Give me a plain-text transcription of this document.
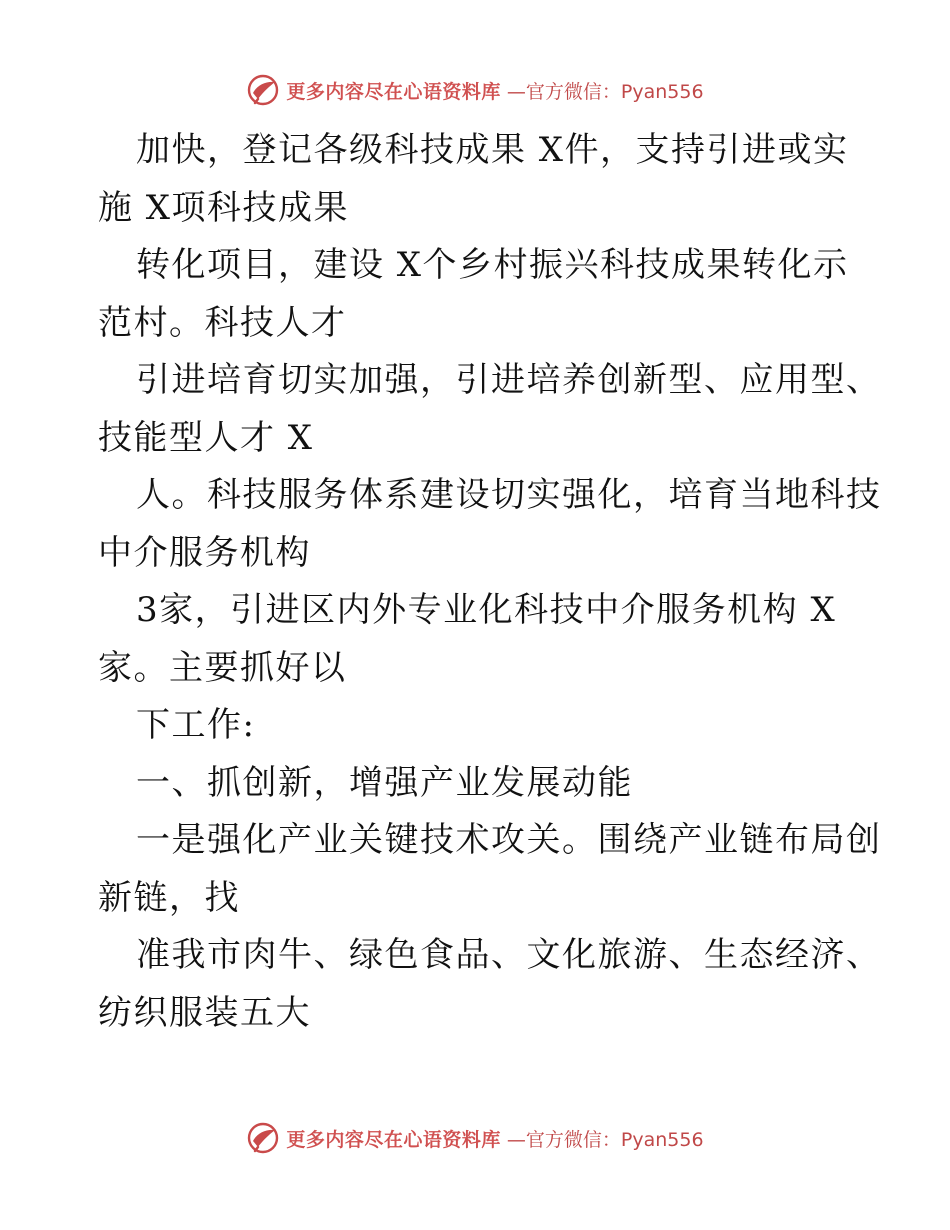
更多内容尽在心语资料库 —官方微信：Pyan556
加快，登记各级科技成果 X件，支持引进或实
施 X项科技成果
转化项目，建设 X个乡村振兴科技成果转化示
范村。科技人才
引进培育切实加强，引进培养创新型、应用型、
技能型人才 X
人。科技服务体系建设切实强化，培育当地科技
中介服务机构
3家，引进区内外专业化科技中介服务机构 X
家。主要抓好以
下工作:
一、抓创新，增强产业发展动能
一是强化产业关键技术攻关。围绕产业链布局创
新链，找
准我市肉牛、绿色食品、文化旅游、生态经济、
纺织服装五大
更多内容尽在心语资料库 —官方微信：Pyan556
